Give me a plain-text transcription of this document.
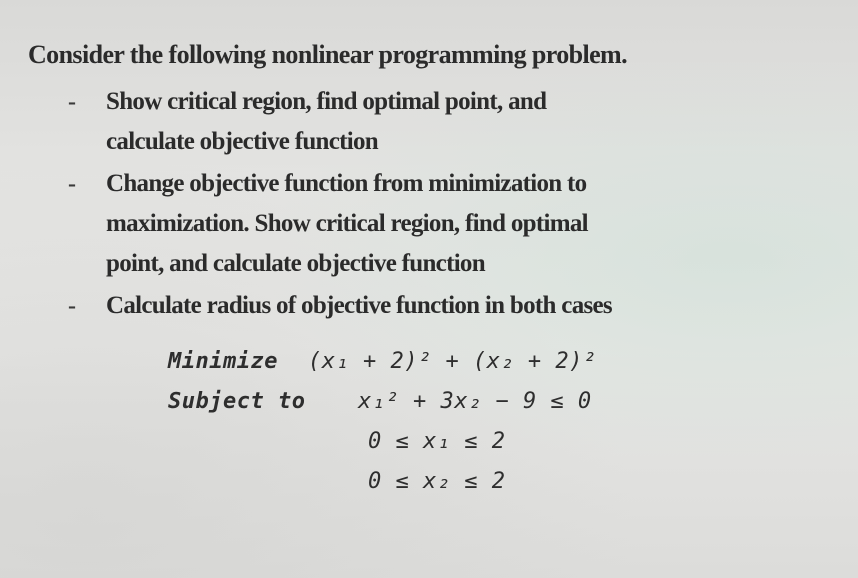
Consider the following nonlinear programming problem.
- Show critical region, find optimal point, and
calculate objective function
- Change objective function from minimization to
maximization. Show critical region, find optimal
point, and calculate objective function
- Calculate radius of objective function in both cases
Minimize (x₁ + 2)² + (x₂ + 2)²
Subject to x₁² + 3x₂ − 9 ≤ 0
0 ≤ x₁ ≤ 2
0 ≤ x₂ ≤ 2
